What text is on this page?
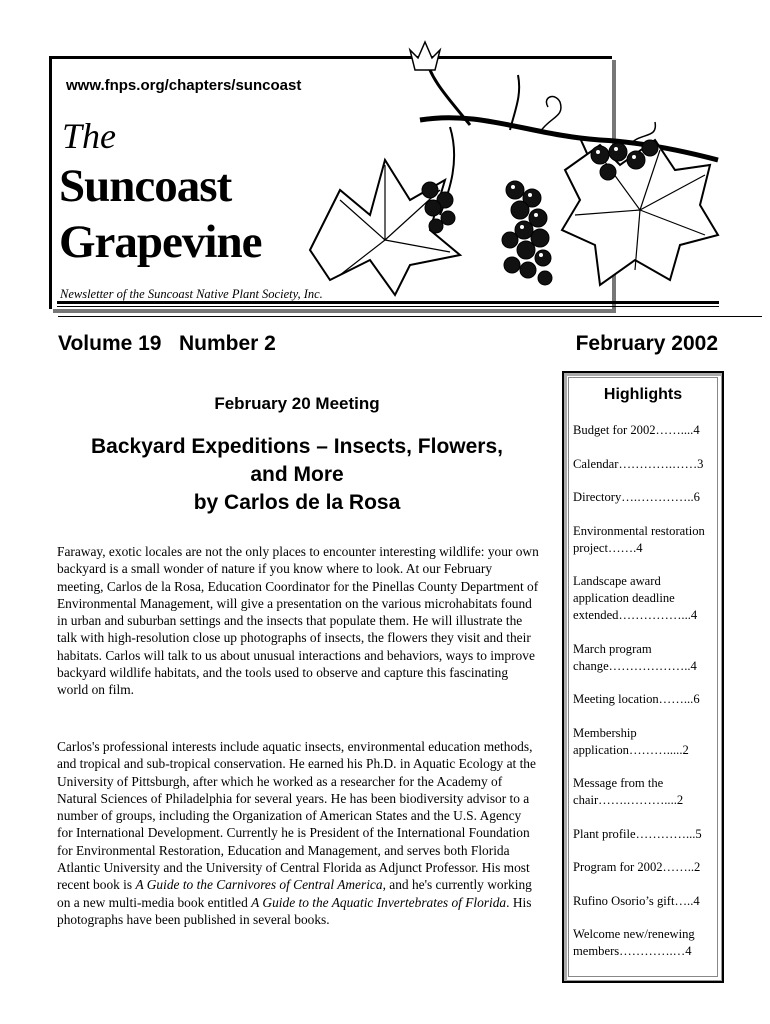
www.fnps.org/chapters/suncoast
The
Suncoast
Grapevine
Newsletter of the Suncoast Native Plant Society, Inc.
Volume 19   Number 2	February 2002
February 20 Meeting
Backyard Expeditions – Insects, Flowers,
and More
by Carlos de la Rosa
Faraway, exotic locales are not the only places to encounter interesting wildlife: your own backyard is a small wonder of nature if you know where to look. At our February meeting, Carlos de la Rosa, Education Coordinator for the Pinellas County Department of Environmental Management, will give a presentation on the various microhabitats found in urban and suburban settings and the insects that populate them. He will illustrate the talk with high-resolution close up photographs of insects, the flowers they visit and their habitats. Carlos will talk to us about unusual interactions and behaviors, ways to improve backyard wildlife habitats, and the tools used to observe and capture this fascinating world on film.
Carlos's professional interests include aquatic insects, environmental education methods, and tropical and sub-tropical conservation. He earned his Ph.D. in Aquatic Ecology at the University of Pittsburgh, after which he worked as a researcher for the Academy of Natural Sciences of Philadelphia for several years. He has been biodiversity advisor to a number of groups, including the Organization of American States and the U.S. Agency for International Development. Currently he is President of the International Foundation for Environmental Restoration, Education and Management, and serves both Florida Atlantic University and the University of Central Florida as Adjunct Professor. His most recent book is A Guide to the Carnivores of Central America, and he's currently working on a new multi-media book entitled A Guide to the Aquatic Invertebrates of Florida. His photographs have been published in several books.
Highlights
Budget for 2002……....4
Calendar………….……3
Directory….…………..6
Environmental restoration project…….4
Landscape award application deadline extended……………...4
March program change………………..4
Meeting location……...6
Membership application……….....2
Message from the chair…….………....2
Plant profile…………...5
Program for 2002……..2
Rufino Osorio’s gift…..4
Welcome new/renewing members………….…4
